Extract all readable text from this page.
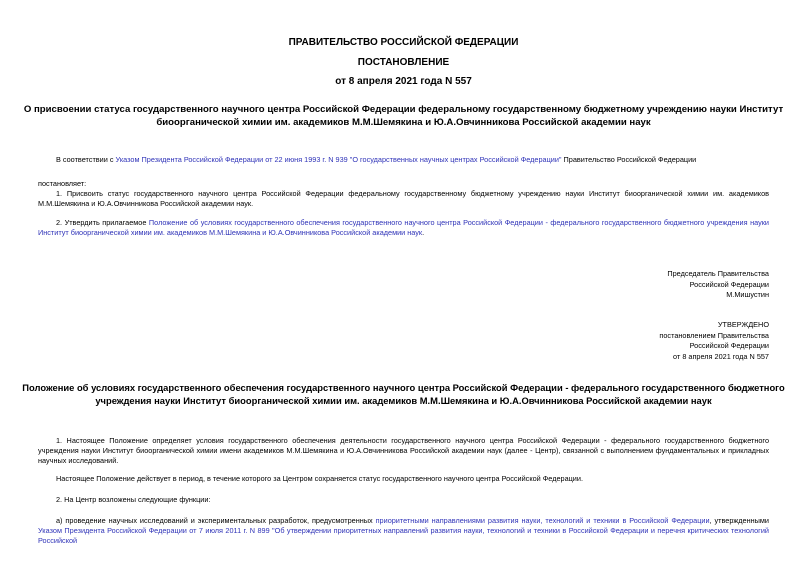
ПРАВИТЕЛЬСТВО РОССИЙСКОЙ ФЕДЕРАЦИИ
ПОСТАНОВЛЕНИЕ
от 8 апреля 2021 года N 557
О присвоении статуса государственного научного центра Российской Федерации федеральному государственному бюджетному учреждению науки Институт
биоорганической химии им. академиков М.М.Шемякина и Ю.А.Овчинникова Российской академии наук
В соответствии с Указом Президента Российской Федерации от 22 июня 1993 г. N 939 "О государственных научных центрах Российской Федерации" Правительство Российской Федерации
постановляет:
1. Присвоить статус государственного научного центра Российской Федерации федеральному государственному бюджетному учреждению науки Институт биоорганической химии им. академиков М.М.Шемякина и Ю.А.Овчинникова Российской академии наук.
2. Утвердить прилагаемое Положение об условиях государственного обеспечения государственного научного центра Российской Федерации - федерального государственного бюджетного учреждения науки Институт биоорганической химии им. академиков М.М.Шемякина и Ю.А.Овчинникова Российской академии наук.
Председатель Правительства
Российской Федерации
М.Мишустин
УТВЕРЖДЕНО
постановлением Правительства
Российской Федерации
от 8 апреля 2021 года N 557
Положение об условиях государственного обеспечения государственного научного центра Российской Федерации - федерального государственного бюджетного
учреждения науки Институт биоорганической химии им. академиков М.М.Шемякина и Ю.А.Овчинникова Российской академии наук
1. Настоящее Положение определяет условия государственного обеспечения деятельности государственного научного центра Российской Федерации - федерального государственного бюджетного учреждения науки Институт биоорганической химии имени академиков М.М.Шемякина и Ю.А.Овчинникова Российской академии наук (далее - Центр), связанной с выполнением фундаментальных и прикладных научных исследований.
Настоящее Положение действует в период, в течение которого за Центром сохраняется статус государственного научного центра Российской Федерации.
2. На Центр возложены следующие функции:
а) проведение научных исследований и экспериментальных разработок, предусмотренных приоритетными направлениями развития науки, технологий и техники в Российской Федерации, утвержденными Указом Президента Российской Федерации от 7 июля 2011 г. N 899 "Об утверждении приоритетных направлений развития науки, технологий и техники в Российской Федерации и перечня критических технологий Российской
